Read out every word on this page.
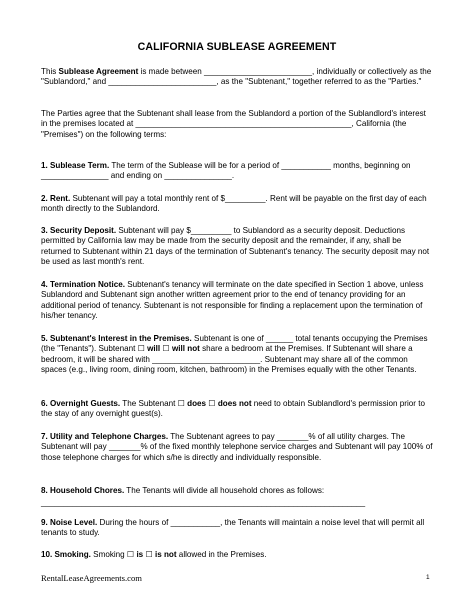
CALIFORNIA SUBLEASE AGREEMENT
This Sublease Agreement is made between ________________________, individually or collectively as the "Sublandord," and ________________________, as the "Subtenant," together referred to as the "Parties."
The Parties agree that the Subtenant shall lease from the Sublandord a portion of the Sublandlord's interest in the premises located at ________________________________________________, California (the "Premises") on the following terms:
1. Sublease Term. The term of the Sublease will be for a period of ___________ months, beginning on _______________ and ending on _______________.
2. Rent. Subtenant will pay a total monthly rent of $_________. Rent will be payable on the first day of each month directly to the Sublandord.
3. Security Deposit. Subtenant will pay $_________ to Sublandord as a security deposit. Deductions permitted by California law may be made from the security deposit and the remainder, if any, shall be returned to Subtenant within 21 days of the termination of Subtenant's tenancy. The security deposit may not be used as last month's rent.
4. Termination Notice. Subtenant's tenancy will terminate on the date specified in Section 1 above, unless Sublandord and Subtenant sign another written agreement prior to the end of tenancy providing for an additional period of tenancy. Subtenant is not responsible for finding a replacement upon the termination of his/her tenancy.
5. Subtenant's Interest in the Premises. Subtenant is one of ______ total tenants occupying the Premises (the "Tenants"). Subtenant ☐ will ☐ will not share a bedroom at the Premises. If Subtenant will share a bedroom, it will be shared with ________________________. Subtenant may share all of the common spaces (e.g., living room, dining room, kitchen, bathroom) in the Premises equally with the other Tenants.
6. Overnight Guests. The Subtenant ☐ does ☐ does not need to obtain Sublandlord's permission prior to the stay of any overnight guest(s).
7. Utility and Telephone Charges. The Subtenant agrees to pay _______% of all utility charges. The Subtenant will pay _______% of the fixed monthly telephone service charges and Subtenant will pay 100% of those telephone charges for which s/he is directly and individually responsible.
8. Household Chores. The Tenants will divide all household chores as follows:
________________________________________________________________________
9. Noise Level. During the hours of ___________, the Tenants will maintain a noise level that will permit all tenants to study.
10. Smoking. Smoking ☐ is ☐ is not allowed in the Premises.
RentalLeaseAgreements.com	1
